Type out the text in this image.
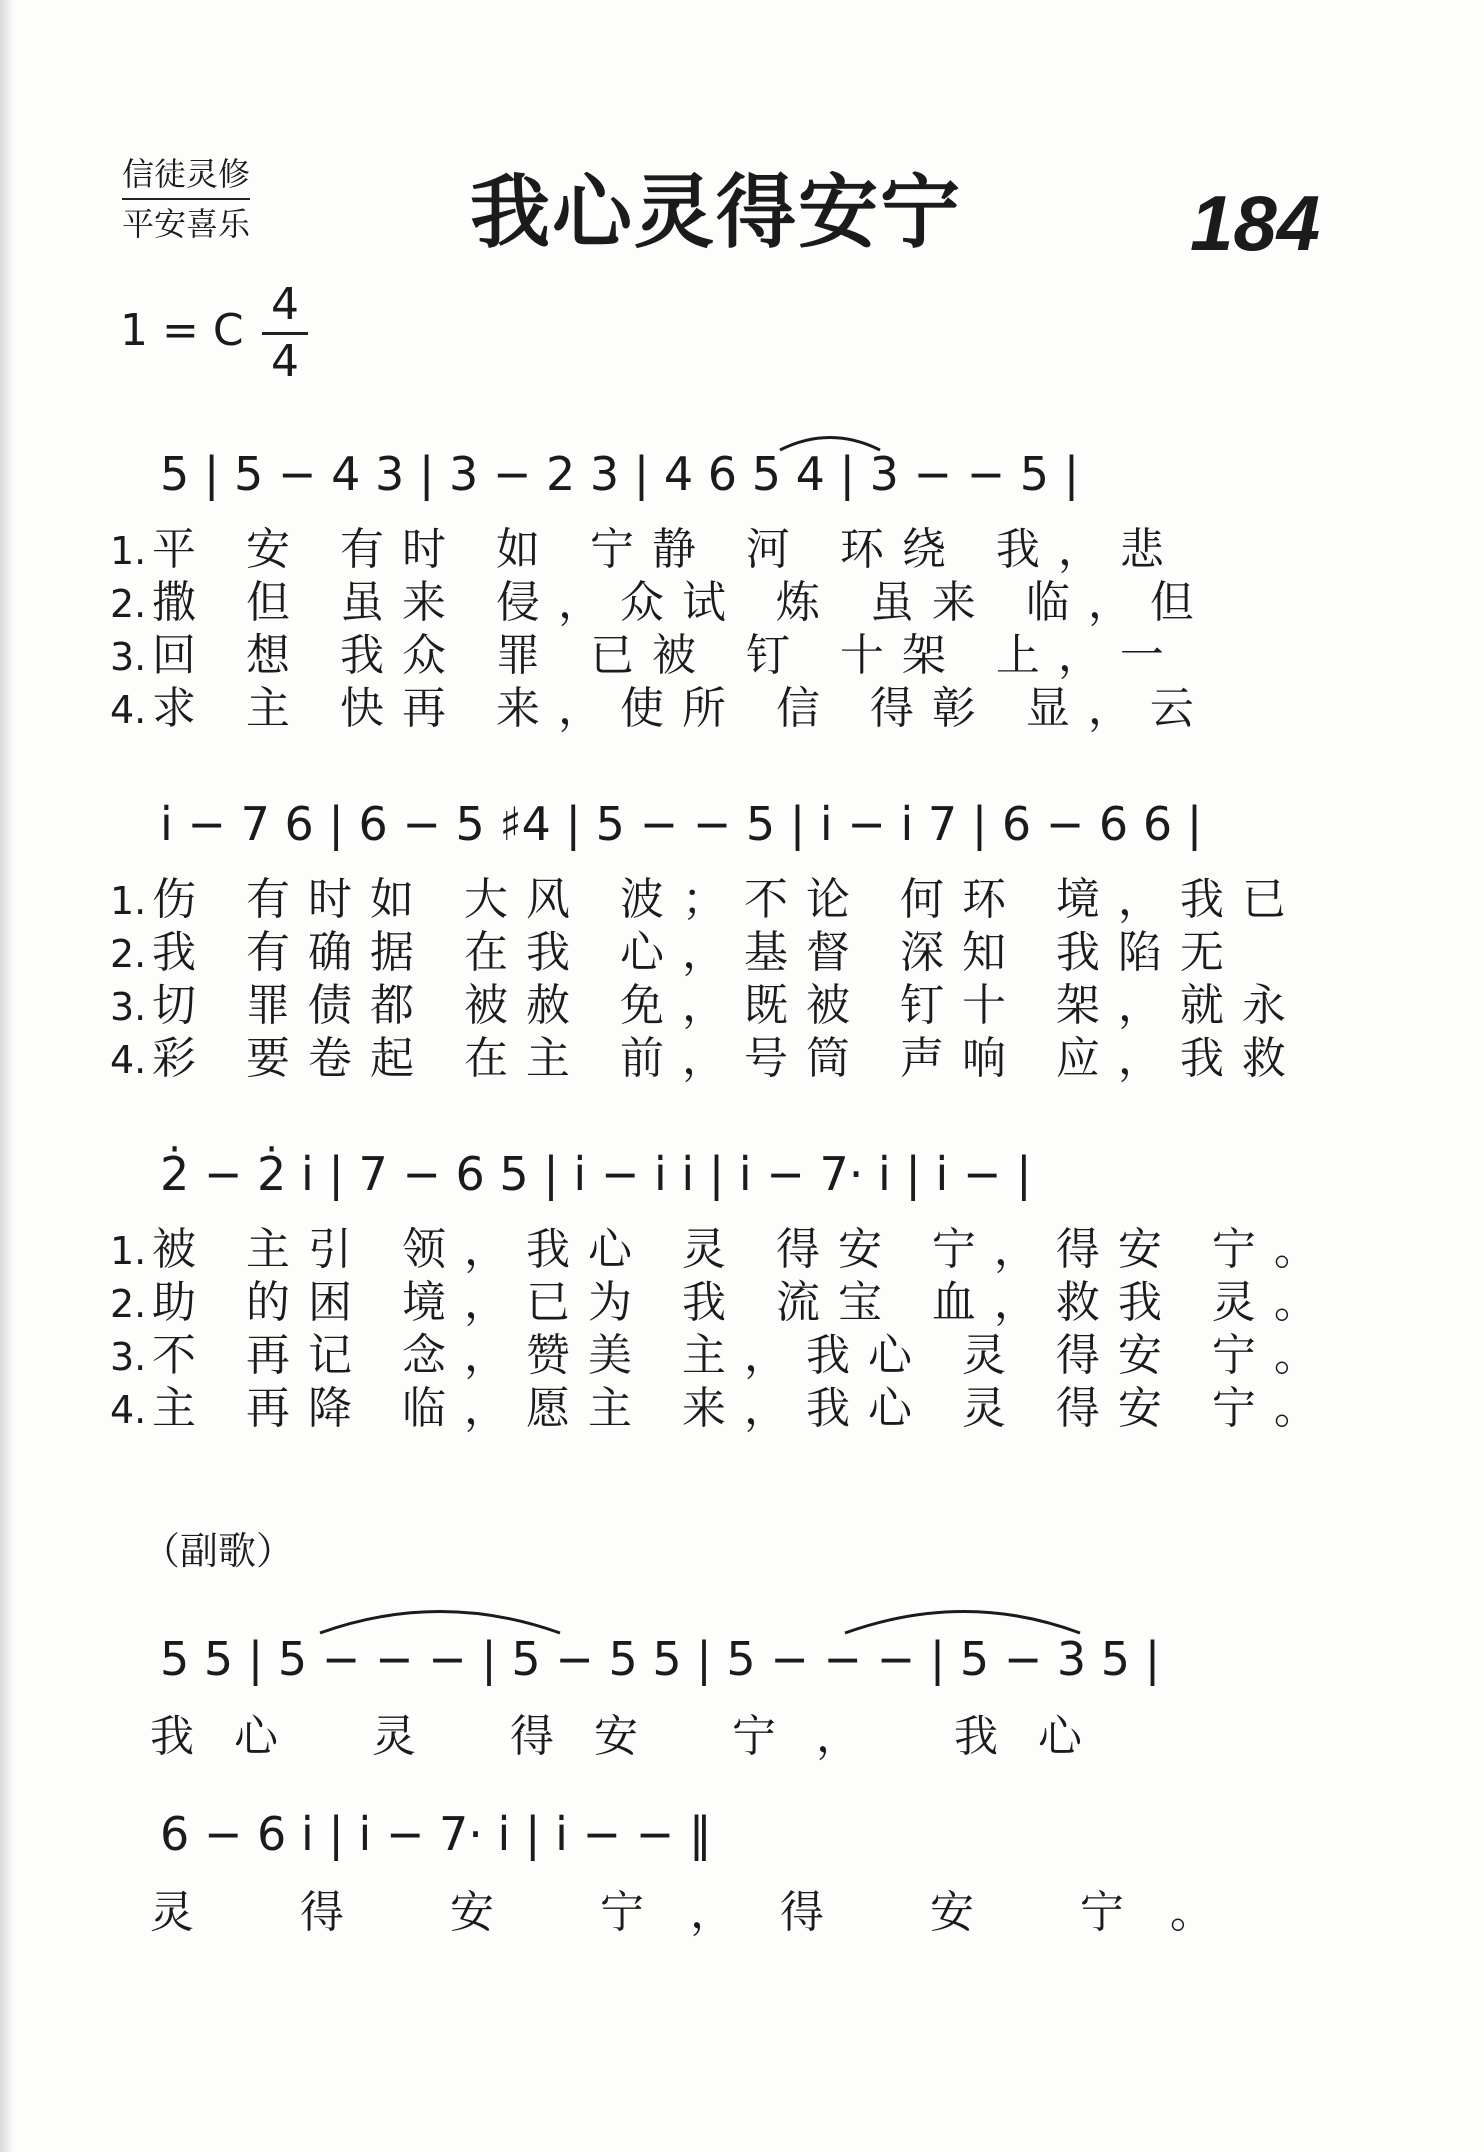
信徒灵修
平安喜乐	我心灵得安宁	184
1 = C
4
4
5 | 5 − 4 3 | 3 − 2 3 | 4 6 5 4 | 3 − − 5 |
1. 平 安 有时 如 宁静 河 环绕 我，悲
2. 撒 但 虽来 侵，众试 炼 虽来 临，但
3. 回 想 我众 罪 已被 钉 十架 上，一
4. 求 主 快再 来，使所 信 得彰 显，云
i̇ − 7 6 | 6 − 5 ♯4 | 5 − − 5 | i̇ − i̇ 7 | 6 − 6 6 |
1. 伤 有时如 大风 波；不论 何环 境，我已
2. 我 有确据 在我 心，基督 深知 我陷无
3. 切 罪债都 被赦 免，既被 钉十 架，就永
4. 彩 要卷起 在主 前，号筒 声响 应，我救
2̇ − 2̇ i̇ | 7 − 6 5 | i̇ − i̇ i̇ | i̇ − 7· i̇ | i̇ − |
1. 被 主引 领，我心 灵 得安 宁，得安 宁。
2. 助 的困 境，已为 我 流宝 血，救我 灵。
3. 不 再记 念，赞美 主，我心 灵 得安 宁。
4. 主 再降 临，愿主 来，我心 灵 得安 宁。
（副歌）
5 5 | 5 − − − | 5 − 5 5 | 5 − − − | 5 − 3 5 |
我心 灵 得安 宁， 我心
6 − 6 i̇ | i̇ − 7· i̇ | i̇ − − ‖
灵 得 安 宁，得 安 宁。
